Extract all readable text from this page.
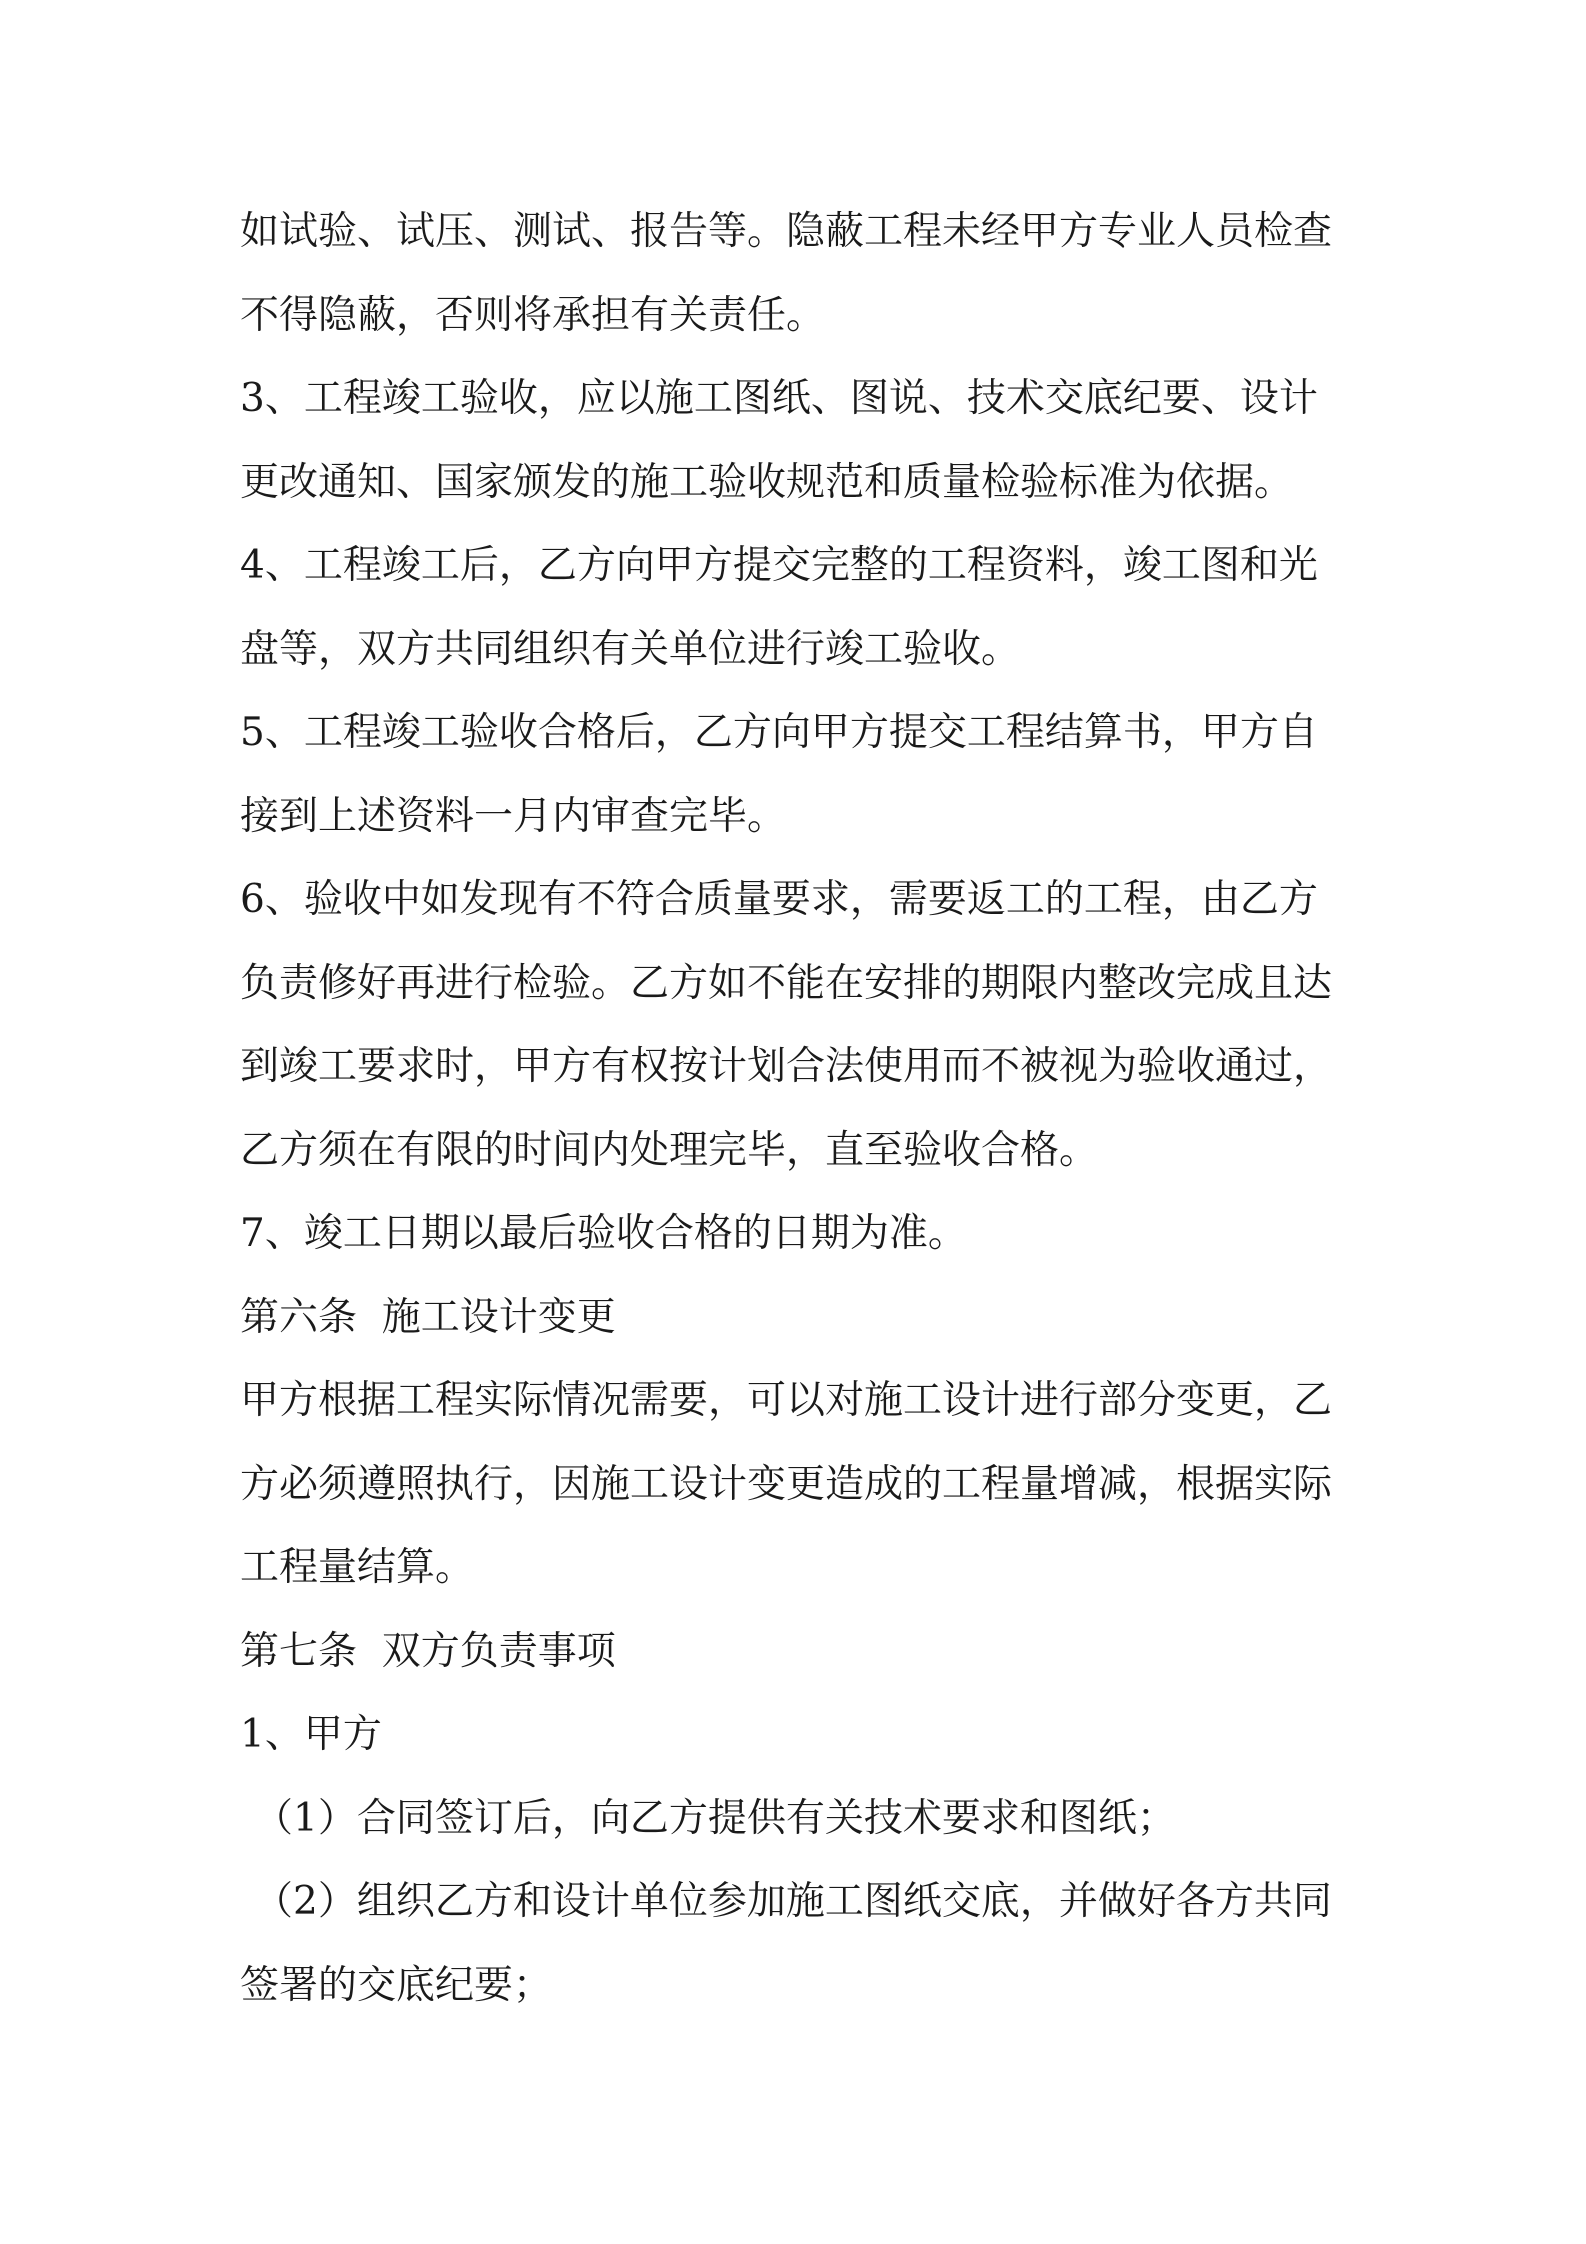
如试验、试压、测试、报告等。隐蔽工程未经甲方专业人员检查不得隐蔽，否则将承担有关责任。

3、工程竣工验收，应以施工图纸、图说、技术交底纪要、设计更改通知、国家颁发的施工验收规范和质量检验标准为依据。

4、工程竣工后，乙方向甲方提交完整的工程资料，竣工图和光盘等，双方共同组织有关单位进行竣工验收。

5、工程竣工验收合格后，乙方向甲方提交工程结算书，甲方自接到上述资料一月内审查完毕。

6、验收中如发现有不符合质量要求，需要返工的工程，由乙方负责修好再进行检验。乙方如不能在安排的期限内整改完成且达到竣工要求时，甲方有权按计划合法使用而不被视为验收通过，乙方须在有限的时间内处理完毕，直至验收合格。

7、竣工日期以最后验收合格的日期为准。

第六条  施工设计变更

甲方根据工程实际情况需要，可以对施工设计进行部分变更，乙方必须遵照执行，因施工设计变更造成的工程量增减，根据实际工程量结算。

第七条  双方负责事项

1、甲方

（1）合同签订后，向乙方提供有关技术要求和图纸；

（2）组织乙方和设计单位参加施工图纸交底，并做好各方共同签署的交底纪要；
